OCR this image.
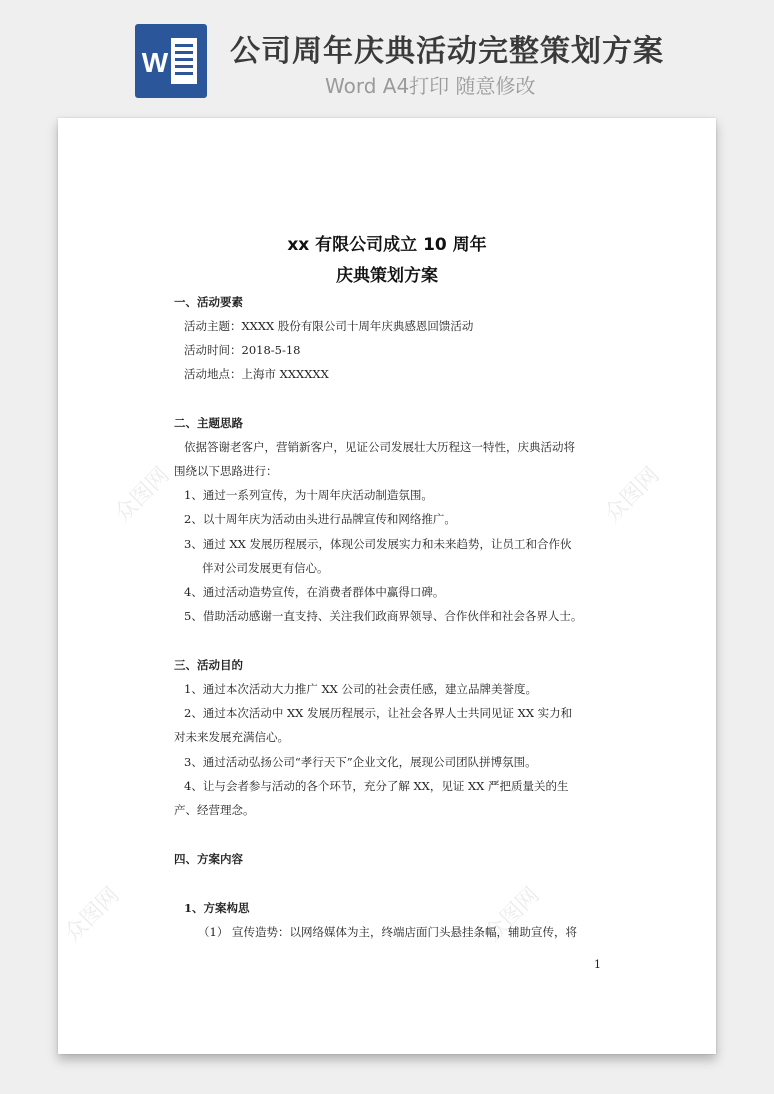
W 公司周年庆典活动完整策划方案
Word A4打印 随意修改
众图网	众图网
众图网	众图网
xx 有限公司成立 10 周年
庆典策划方案
一、活动要素
活动主题：XXXX 股份有限公司十周年庆典感恩回馈活动
活动时间：2018-5-18
活动地点：上海市 XXXXXX
二、主题思路
依据答谢老客户，营销新客户，见证公司发展壮大历程这一特性，庆典活动将
围绕以下思路进行：
1、通过一系列宣传，为十周年庆活动制造氛围。
2、以十周年庆为活动由头进行品牌宣传和网络推广。
3、通过 XX 发展历程展示，体现公司发展实力和未来趋势，让员工和合作伙
伴对公司发展更有信心。
4、通过活动造势宣传，在消费者群体中赢得口碑。
5、借助活动感谢一直支持、关注我们政商界领导、合作伙伴和社会各界人士。
三、活动目的
1、通过本次活动大力推广 XX 公司的社会责任感，建立品牌美誉度。
2、通过本次活动中 XX 发展历程展示，让社会各界人士共同见证 XX 实力和
对未来发展充满信心。
3、通过活动弘扬公司“孝行天下”企业文化，展现公司团队拼博氛围。
4、让与会者参与活动的各个环节，充分了解 XX，见证 XX 严把质量关的生
产、经营理念。
四、方案内容
1、方案构思
（1） 宣传造势：以网络媒体为主，终端店面门头悬挂条幅，辅助宣传，将
1
